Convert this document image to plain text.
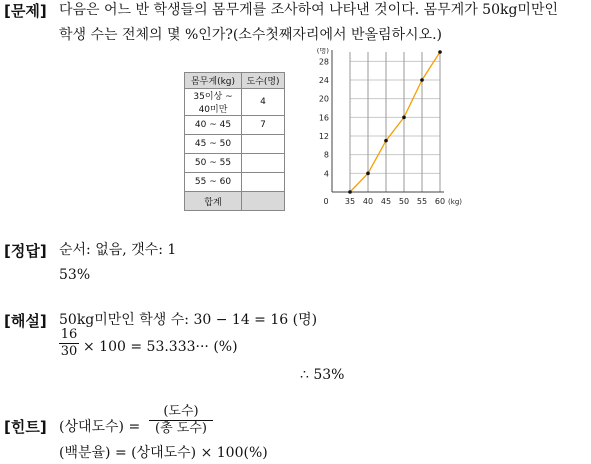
[문제] 다음은 어느 반 학생들의 몸무게를 조사하여 나타낸 것이다. 몸무게가 50kg미만인
학생 수는 전체의 몇 %인가?(소수첫째자리에서 반올림하시오.)
몸무게(kg)	도수(명)
35이상 ~ 40미만	4
40 ~ 45	7
45 ~ 50	
50 ~ 55	
55 ~ 60	
합계	
4
8
12
16
20
24
28
(명)
0 35 40 45 50 55 60 (kg)
[정답] 순서: 없음, 갯수: 1
53%
[해설] 50kg미만인 학생 수: 30 − 14 = 16 (명)
16
30 × 100 = 53.333··· (%)
∴ 53%
[힌트] (상대도수) =
(도수)
(총 도수)
(백분율) = (상대도수) × 100(%)
